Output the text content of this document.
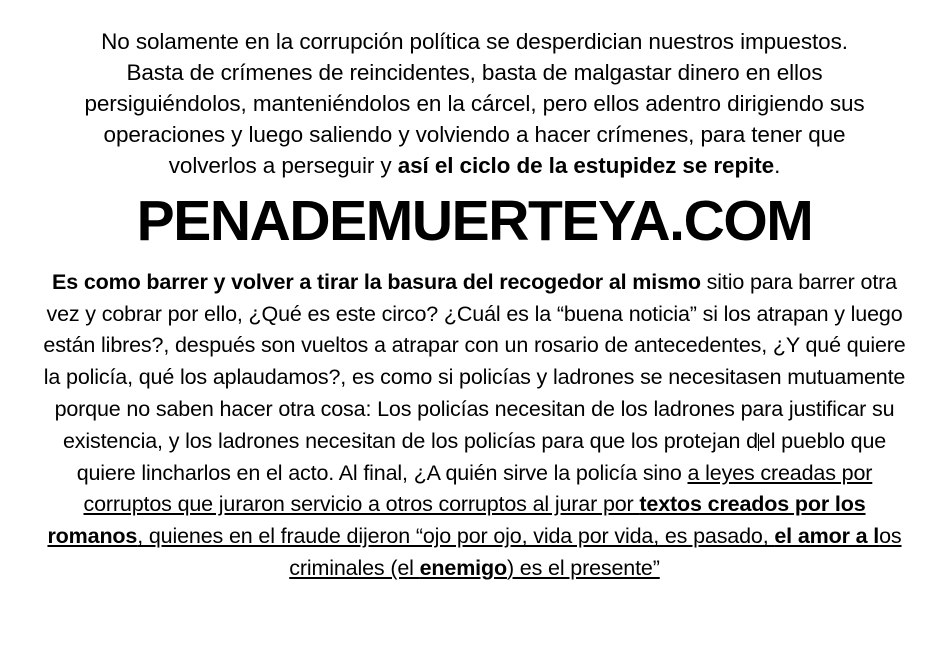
No solamente en la corrupción política se desperdician nuestros impuestos.
Basta de crímenes de reincidentes, basta de malgastar dinero en ellos
persiguiéndolos, manteniéndolos en la cárcel, pero ellos adentro dirigiendo sus
operaciones y luego saliendo y volviendo a hacer crímenes, para tener que
volverlos a perseguir y así el ciclo de la estupidez se repite.
PENADEMUERTEYA.COM
Es como barrer y volver a tirar la basura del recogedor al mismo sitio para barrer otra vez y cobrar por ello, ¿Qué es este circo? ¿Cuál es la “buena noticia” si los atrapan y luego están libres?, después son vueltos a atrapar con un rosario de antecedentes, ¿Y qué quiere la policía, qué los aplaudamos?, es como si policías y ladrones se necesitasen mutuamente porque no saben hacer otra cosa: Los policías necesitan de los ladrones para justificar su existencia, y los ladrones necesitan de los policías para que los protejan del pueblo que quiere lincharlos en el acto. Al final, ¿A quién sirve la policía sino a leyes creadas por corruptos que juraron servicio a otros corruptos al jurar por textos creados por los romanos, quienes en el fraude dijeron “ojo por ojo, vida por vida, es pasado, el amor a los criminales (el enemigo) es el presente”
